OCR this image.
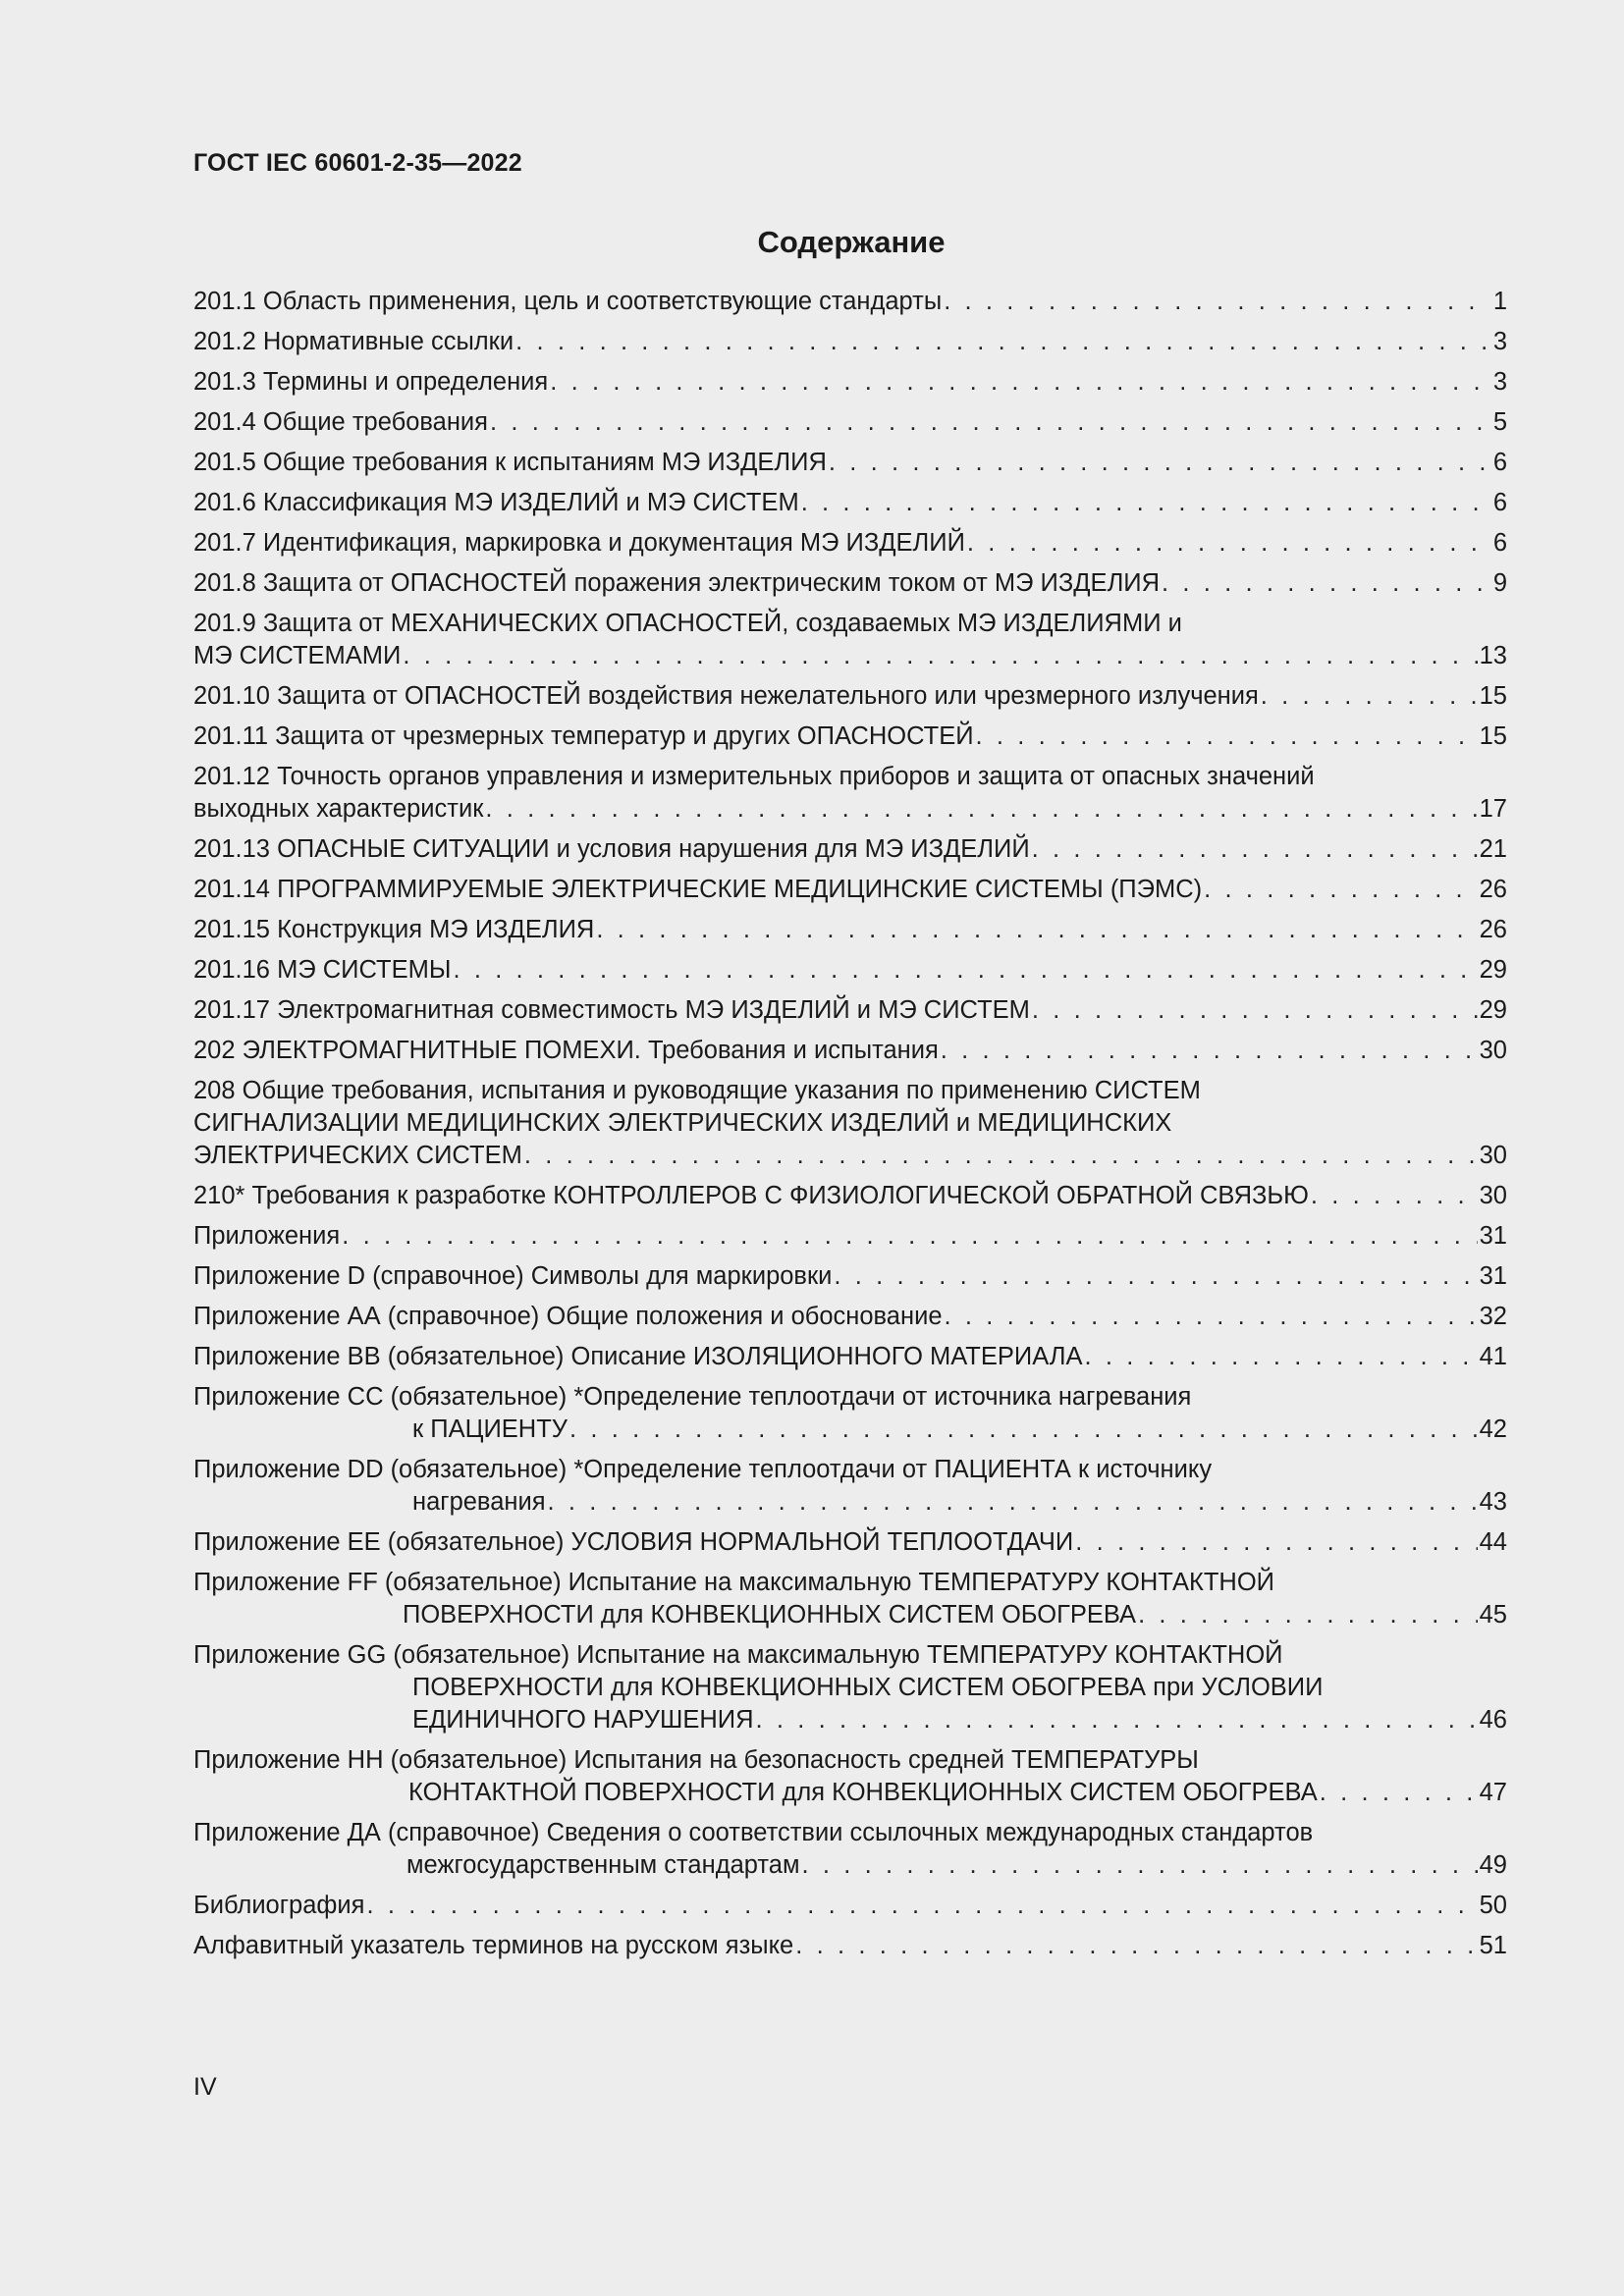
ГОСТ IEC 60601-2-35—2022
Содержание
201.1 Область применения, цель и соответствующие стандарты . . .	1
201.2 Нормативные ссылки . . .	3
201.3 Термины и определения . . .	3
201.4 Общие требования . . .	5
201.5 Общие требования к испытаниям МЭ ИЗДЕЛИЯ . . .	6
201.6 Классификация МЭ ИЗДЕЛИЙ и МЭ СИСТЕМ . . .	6
201.7 Идентификация, маркировка и документация МЭ ИЗДЕЛИЙ . . .	6
201.8 Защита от ОПАСНОСТЕЙ поражения электрическим током от МЭ ИЗДЕЛИЯ . . .	9
201.9 Защита от МЕХАНИЧЕСКИХ ОПАСНОСТЕЙ, создаваемых МЭ ИЗДЕЛИЯМИ и
МЭ СИСТЕМАМИ . . .	13
201.10 Защита от ОПАСНОСТЕЙ воздействия нежелательного или чрезмерного излучения . . .	15
201.11 Защита от чрезмерных температур и других ОПАСНОСТЕЙ . . .	15
201.12 Точность органов управления и измерительных приборов и защита от опасных значений
выходных характеристик . . .	17
201.13 ОПАСНЫЕ СИТУАЦИИ и условия нарушения для МЭ ИЗДЕЛИЙ . . .	21
201.14 ПРОГРАММИРУЕМЫЕ ЭЛЕКТРИЧЕСКИЕ МЕДИЦИНСКИЕ СИСТЕМЫ (ПЭМС) . . .	26
201.15 Конструкция МЭ ИЗДЕЛИЯ . . .	26
201.16 МЭ СИСТЕМЫ . . .	29
201.17 Электромагнитная совместимость МЭ ИЗДЕЛИЙ и МЭ СИСТЕМ . . .	29
202 ЭЛЕКТРОМАГНИТНЫЕ ПОМЕХИ. Требования и испытания . . .	30
208 Общие требования, испытания и руководящие указания по применению СИСТЕМ
СИГНАЛИЗАЦИИ МЕДИЦИНСКИХ ЭЛЕКТРИЧЕСКИХ ИЗДЕЛИЙ и МЕДИЦИНСКИХ
ЭЛЕКТРИЧЕСКИХ СИСТЕМ . . .	30
210* Требования к разработке КОНТРОЛЛЕРОВ С ФИЗИОЛОГИЧЕСКОЙ ОБРАТНОЙ СВЯЗЬЮ . . .	30
Приложения . . .	31
Приложение D (справочное) Символы для маркировки . . .	31
Приложение АА (справочное) Общие положения и обоснование . . .	32
Приложение ВВ (обязательное) Описание ИЗОЛЯЦИОННОГО МАТЕРИАЛА . . .	41
Приложение СС (обязательное) *Определение теплоотдачи от источника нагревания
к ПАЦИЕНТУ . . .	42
Приложение DD (обязательное) *Определение теплоотдачи от ПАЦИЕНТА к источнику
нагревания . . .	43
Приложение ЕЕ (обязательное) УСЛОВИЯ НОРМАЛЬНОЙ ТЕПЛООТДАЧИ . . .	44
Приложение FF (обязательное) Испытание на максимальную ТЕМПЕРАТУРУ КОНТАКТНОЙ
ПОВЕРХНОСТИ для КОНВЕКЦИОННЫХ СИСТЕМ ОБОГРЕВА . . .	45
Приложение GG (обязательное) Испытание на максимальную ТЕМПЕРАТУРУ КОНТАКТНОЙ
ПОВЕРХНОСТИ для КОНВЕКЦИОННЫХ СИСТЕМ ОБОГРЕВА при УСЛОВИИ
ЕДИНИЧНОГО НАРУШЕНИЯ . . .	46
Приложение НН (обязательное) Испытания на безопасность средней ТЕМПЕРАТУРЫ
КОНТАКТНОЙ ПОВЕРХНОСТИ для КОНВЕКЦИОННЫХ СИСТЕМ ОБОГРЕВА . . .	47
Приложение ДА (справочное) Сведения о соответствии ссылочных международных стандартов
межгосударственным стандартам . . .	49
Библиография . . .	50
Алфавитный указатель терминов на русском языке . . .	51
IV
